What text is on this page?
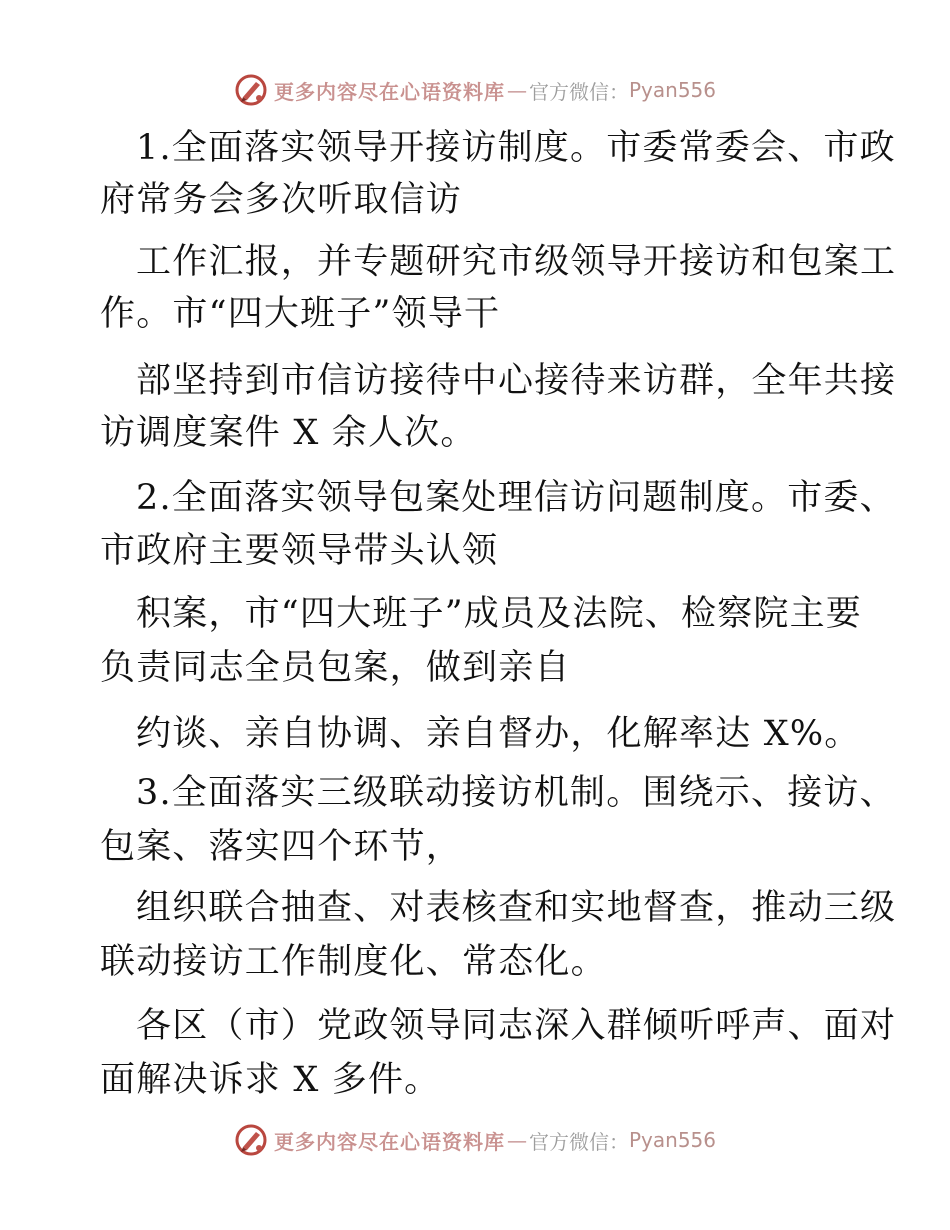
更多内容尽在心语资料库 — 官方微信： Pyan556
1.全面落实领导开接访制度。市委常委会、市政
府常务会多次听取信访
工作汇报，并专题研究市级领导开接访和包案工
作。市“四大班子”领导干
部坚持到市信访接待中心接待来访群，全年共接
访调度案件 X 余人次。
2.全面落实领导包案处理信访问题制度。市委、
市政府主要领导带头认领
积案，市“四大班子”成员及法院、检察院主要
负责同志全员包案，做到亲自
约谈、亲自协调、亲自督办，化解率达 X%。
3.全面落实三级联动接访机制。围绕示、接访、
包案、落实四个环节，
组织联合抽查、对表核查和实地督查，推动三级
联动接访工作制度化、常态化。
各区（市）党政领导同志深入群倾听呼声、面对
面解决诉求 X 多件。
更多内容尽在心语资料库 — 官方微信： Pyan556
